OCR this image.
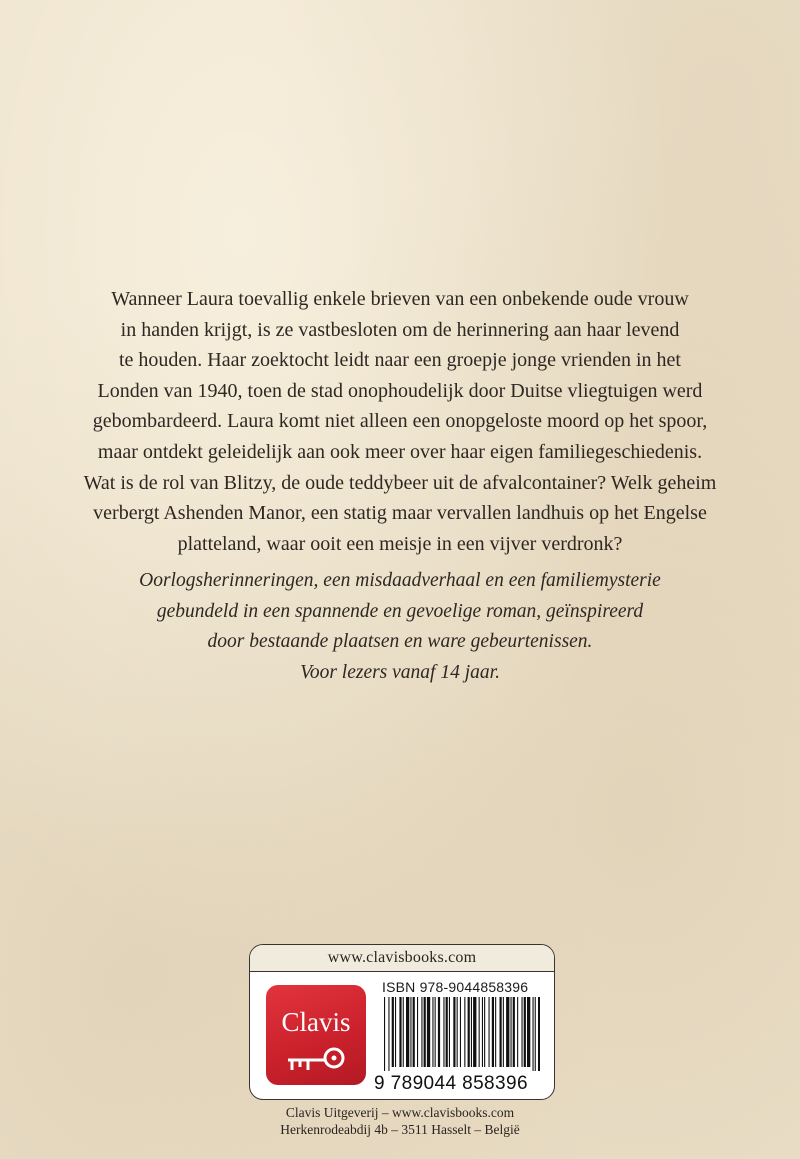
Wanneer Laura toevallig enkele brieven van een onbekende oude vrouw
in handen krijgt, is ze vastbesloten om de herinnering aan haar levend
te houden. Haar zoektocht leidt naar een groepje jonge vrienden in het
Londen van 1940, toen de stad onophoudelijk door Duitse vliegtuigen werd
gebombardeerd. Laura komt niet alleen een onopgeloste moord op het spoor,
maar ontdekt geleidelijk aan ook meer over haar eigen familiegeschiedenis.
Wat is de rol van Blitzy, de oude teddybeer uit de afvalcontainer? Welk geheim
verbergt Ashenden Manor, een statig maar vervallen landhuis op het Engelse
platteland, waar ooit een meisje in een vijver verdronk?

Oorlogsherinneringen, een misdaadverhaal en een familiemysterie
gebundeld in een spannende en gevoelige roman, geïnspireerd
door bestaande plaatsen en ware gebeurtenissen.
Voor lezers vanaf 14 jaar.
www.clavisbooks.com
Clavis
ISBN 978-9044858396
9 789044 858396
Clavis Uitgeverij – www.clavisbooks.com
Herkenrodeabdij 4b – 3511 Hasselt – België
